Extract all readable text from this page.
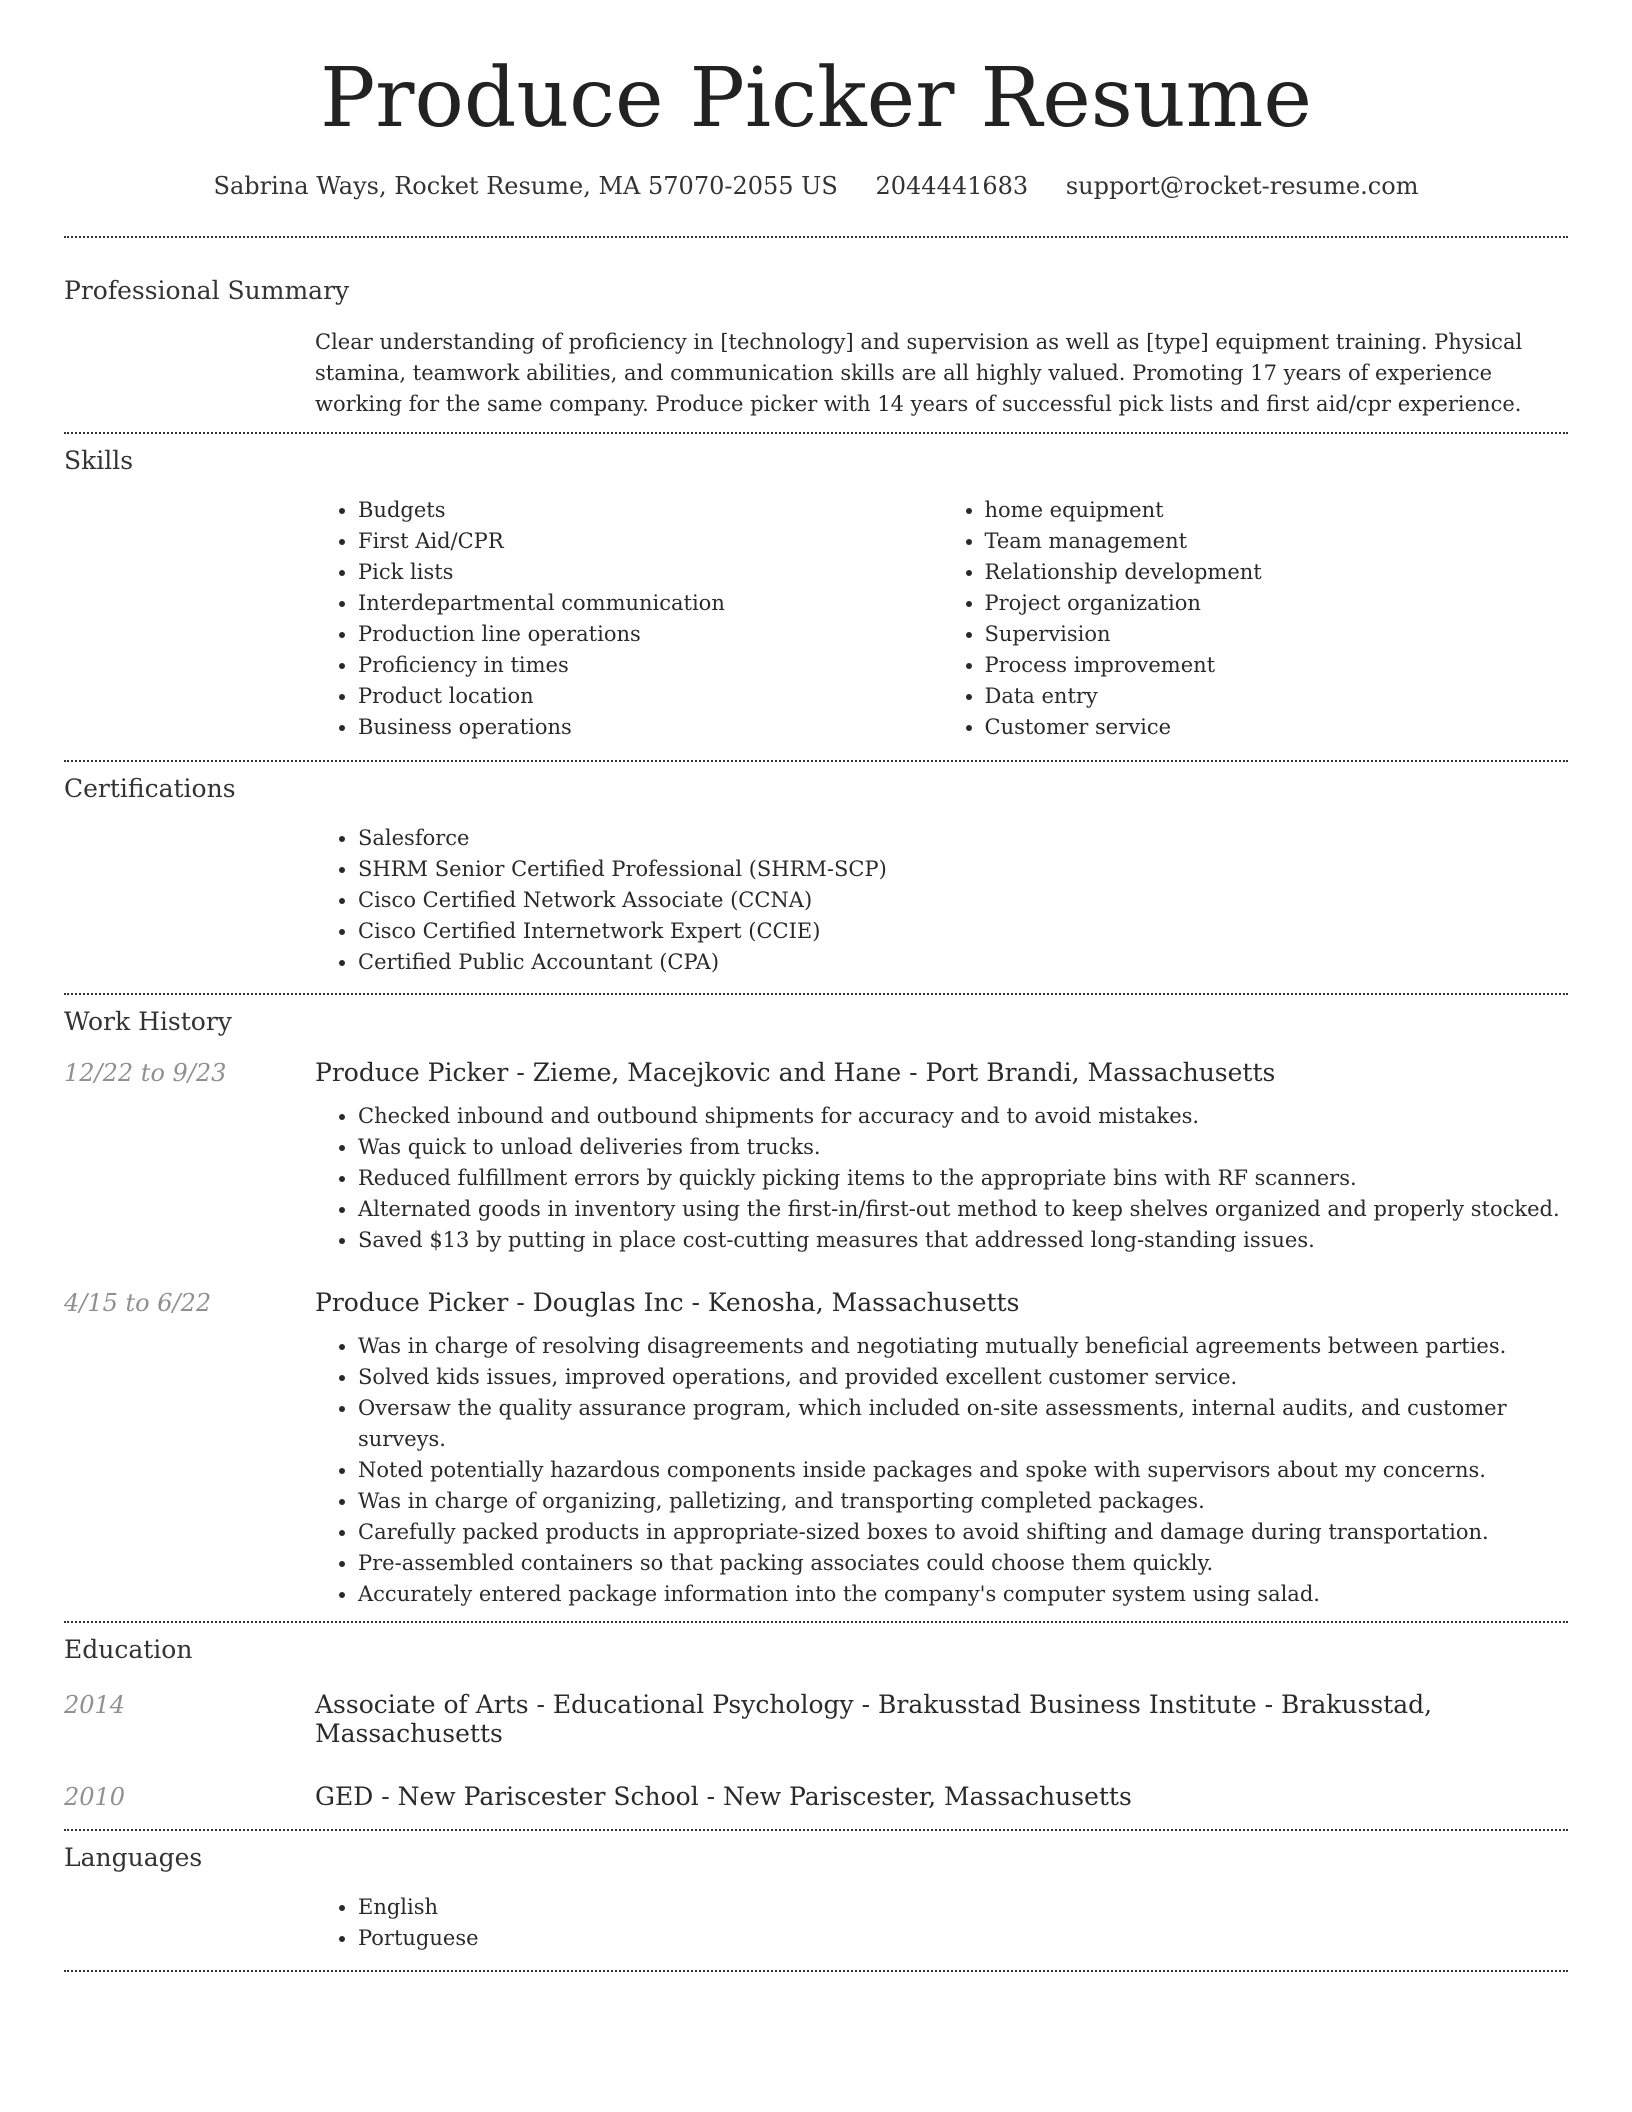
Produce Picker Resume
Sabrina Ways, Rocket Resume, MA 57070-2055 US 2044441683 support@rocket-resume.com
Professional Summary
Clear understanding of proficiency in [technology] and supervision as well as [type] equipment training. Physical stamina, teamwork abilities, and communication skills are all highly valued. Promoting 17 years of experience working for the same company. Produce picker with 14 years of successful pick lists and first aid/cpr experience.
Skills
• Budgets
• First Aid/CPR
• Pick lists
• Interdepartmental communication
• Production line operations
• Proficiency in times
• Product location
• Business operations
• home equipment
• Team management
• Relationship development
• Project organization
• Supervision
• Process improvement
• Data entry
• Customer service
Certifications
• Salesforce
• SHRM Senior Certified Professional (SHRM-SCP)
• Cisco Certified Network Associate (CCNA)
• Cisco Certified Internetwork Expert (CCIE)
• Certified Public Accountant (CPA)
Work History
12/22 to 9/23	Produce Picker - Zieme, Macejkovic and Hane - Port Brandi, Massachusetts
• Checked inbound and outbound shipments for accuracy and to avoid mistakes.
• Was quick to unload deliveries from trucks.
• Reduced fulfillment errors by quickly picking items to the appropriate bins with RF scanners.
• Alternated goods in inventory using the first-in/first-out method to keep shelves organized and properly stocked.
• Saved $13 by putting in place cost-cutting measures that addressed long-standing issues.
4/15 to 6/22	Produce Picker - Douglas Inc - Kenosha, Massachusetts
• Was in charge of resolving disagreements and negotiating mutually beneficial agreements between parties.
• Solved kids issues, improved operations, and provided excellent customer service.
• Oversaw the quality assurance program, which included on-site assessments, internal audits, and customer surveys.
• Noted potentially hazardous components inside packages and spoke with supervisors about my concerns.
• Was in charge of organizing, palletizing, and transporting completed packages.
• Carefully packed products in appropriate-sized boxes to avoid shifting and damage during transportation.
• Pre-assembled containers so that packing associates could choose them quickly.
• Accurately entered package information into the company's computer system using salad.
Education
2014	Associate of Arts - Educational Psychology - Brakusstad Business Institute - Brakusstad, Massachusetts
2010	GED - New Pariscester School - New Pariscester, Massachusetts
Languages
• English
• Portuguese
